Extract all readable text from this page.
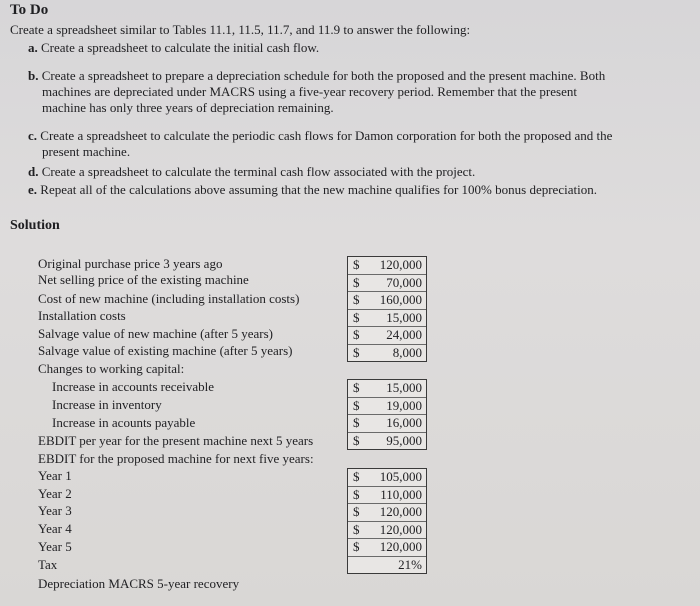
To Do
Create a spreadsheet similar to Tables 11.1, 11.5, 11.7, and 11.9 to answer the following:
a. Create a spreadsheet to calculate the initial cash flow.
b. Create a spreadsheet to prepare a depreciation schedule for both the proposed and the present machine. Both
machines are depreciated under MACRS using a five-year recovery period. Remember that the present
machine has only three years of depreciation remaining.
c. Create a spreadsheet to calculate the periodic cash flows for Damon corporation for both the proposed and the
present machine.
d. Create a spreadsheet to calculate the terminal cash flow associated with the project.
e. Repeat all of the calculations above assuming that the new machine qualifies for 100% bonus depreciation.
Solution
Original purchase price 3 years ago
Net selling price of the existing machine
Cost of new machine (including installation costs)
Installation costs
Salvage value of new machine (after 5 years)
Salvage value of existing machine (after 5 years)
Changes to working capital:
Increase in accounts receivable
Increase in inventory
Increase in acounts payable
EBDIT per year for the present machine next 5 years
EBDIT for the proposed machine for next five years:
Year 1
Year 2
Year 3
Year 4
Year 5
Tax
Depreciation MACRS 5-year recovery
$ 120,000
$ 70,000
$ 160,000
$ 15,000
$ 24,000
$	8,000
$ 15,000
$ 19,000
$ 16,000
$ 95,000
$ 105,000
$ 110,000
$ 120,000
$ 120,000
$ 120,000
21%
